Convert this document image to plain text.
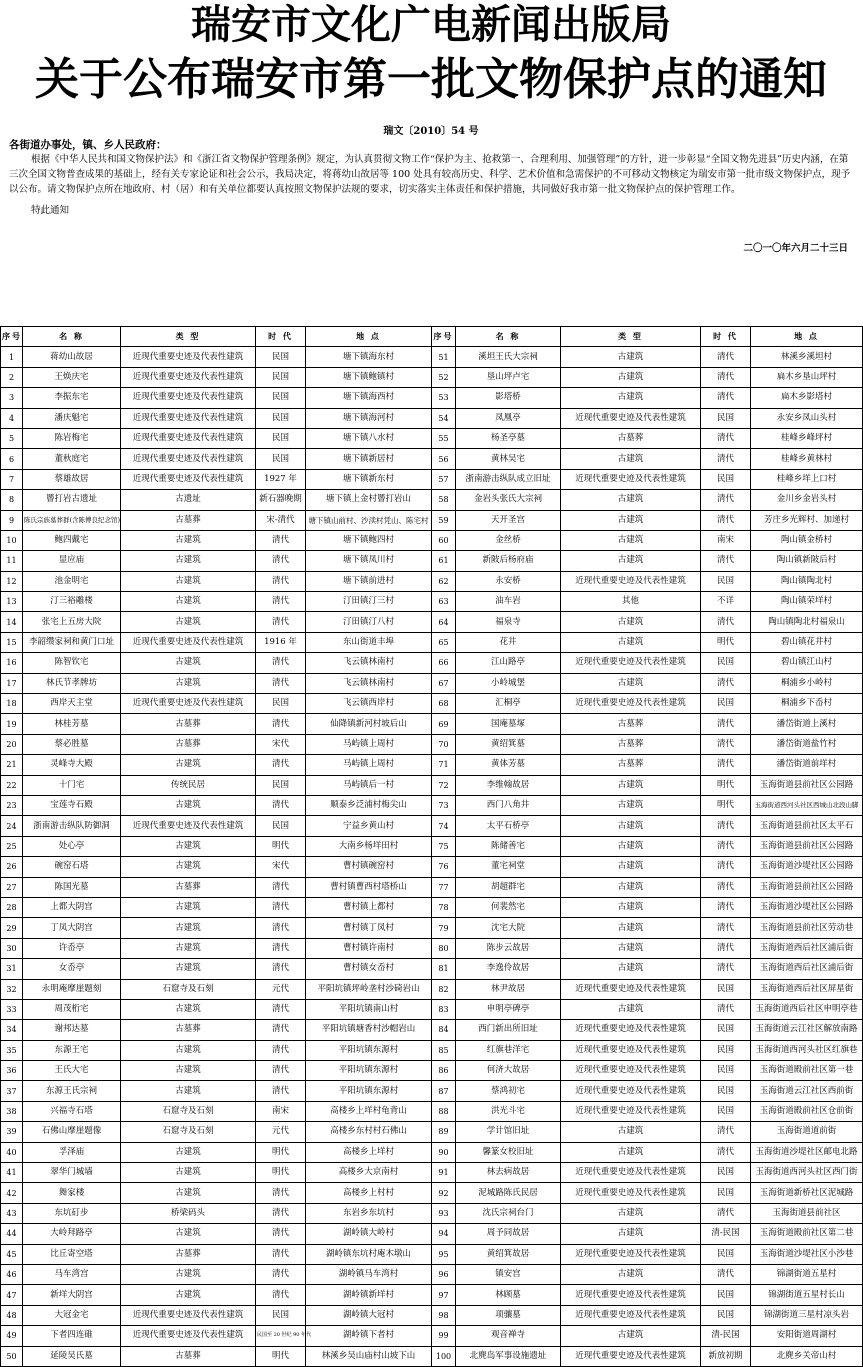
瑞安市文化广电新闻出版局
关于公布瑞安市第一批文物保护点的通知
瑞文〔2010〕54 号
各街道办事处，镇、乡人民政府：
根据《中华人民共和国文物保护法》和《浙江省文物保护管理条例》规定，为认真贯彻文物工作“保护为主、抢救第一、合理利用、加强管理”的方针，进一步彰显“全国文物先进县”历史内涵，在第三次全国文物普查成果的基础上，经有关专家论证和社会公示，我局决定，将蒋幼山故居等 100 处具有较高历史、科学、艺术价值和急需保护的不可移动文物核定为瑞安市第一批市级文物保护点，现予以公布。请文物保护点所在地政府、村（居）和有关单位都要认真按照文物保护法规的要求，切实落实主体责任和保护措施，共同做好我市第一批文物保护点的保护管理工作。
特此通知
二〇一〇年六月二十三日
序号	名 称	类 型	时 代	地 点	序号	名 称	类 型	时 代	地 点
1	蒋幼山故居	近现代重要史迹及代表性建筑	民国	塘下镇海东村	51	溪坦王氏大宗祠	古建筑	清代	林溪乡溪坦村
2	王焕庆宅	近现代重要史迹及代表性建筑	民国	塘下镇鲍镇村	52	垦山坪卢宅	古建筑	清代	扁木乡垦山坪村
3	李振东宅	近现代重要史迹及代表性建筑	民国	塘下镇海西村	53	影塔桥	古建筑	清代	扁木乡影塔村
4	潘庆魁宅	近现代重要史迹及代表性建筑	民国	塘下镇海河村	54	凤凰亭	近现代重要史迹及代表性建筑	民国	永安乡凤山头村
5	陈岩梅宅	近现代重要史迹及代表性建筑	民国	塘下镇八水村	55	杨圣亭墓	古墓葬	清代	桂峰乡峰坪村
6	董秋庭宅	近现代重要史迹及代表性建筑	民国	塘下镇新居村	56	黄林吴宅	古建筑	清代	桂峰乡黄林村
7	蔡雄故居	近现代重要史迹及代表性建筑	1927 年	塘下镇新东村	57	浙南游击纵队成立旧址	近现代重要史迹及代表性建筑	民国	桂峰乡垟上口村
8	罾打岩古遗址	古遗址	新石器晚期	塘下镇上金村罾打岩山	58	金岩头张氏大宗祠	古建筑	清代	金川乡金岩头村
9	陈氏宗族墓葬群(含陈傅良纪念馆)	古墓葬	宋-清代	塘下镇山前村、沙渎村凭山、陈宅村	59	天开圣宫	古建筑	清代	芳庄乡光辉村、加递村
10	鲍四戴宅	古建筑	清代	塘下镇鲍四村	60	金丝桥	古建筑	南宋	陶山镇金桥村
11	显应庙	古建筑	清代	塘下镇凤川村	61	新陂后杨府庙	古建筑	清代	陶山镇新陂后村
12	池金明宅	古建筑	清代	塘下镇前进村	62	永安桥	近现代重要史迹及代表性建筑	民国	陶山镇陶北村
13	汀三裕雕楼	古建筑	清代	汀田镇汀三村	63	油车岩	其他	不详	陶山镇荣垟村
14	张宅上五房大院	古建筑	清代	汀田镇汀八村	64	福泉寺	古建筑	清代	陶山镇陶北村福泉山
15	李韶缵家祠和黄门口址	近现代重要史迹及代表性建筑	1916 年	东山街道丰埠	65	花井	古建筑	明代	碧山镇花井村
16	陈智钦宅	古建筑	清代	飞云镇林南村	66	江山路亭	近现代重要史迹及代表性建筑	民国	碧山镇江山村
17	林氏节孝牌坊	古建筑	清代	飞云镇林南村	67	小岭城堡	古建筑	清代	桐浦乡小岭村
18	西岸天主堂	近现代重要史迹及代表性建筑	民国	飞云镇西岸村	68	汇桐亭	近现代重要史迹及代表性建筑	民国	桐浦乡下岙村
19	林桂芳墓	古墓葬	清代	仙降镇新河村坡后山	69	国庵墓塚	古墓葬	清代	潘岱街道上溪村
20	蔡必胜墓	古墓葬	宋代	马屿镇上周村	70	黄绍箕墓	古墓葬	清代	潘岱街道盐竹村
21	灵峰寺大殿	古建筑	清代	马屿镇上周村	71	黄体芳墓	古墓葬	清代	潘岱街道前垟村
22	十门宅	传统民居	民国	马屿镇后一村	72	李维翰故居	古建筑	明代	玉海街道县前社区公园路
23	宝莲寺石殿	古建筑	清代	顺泰乡泛浦村梅尖山	73	西门八角井	古建筑	明代	玉海街道西河头社区西城山北段山脚
24	浙南游击纵队防御洞	近现代重要史迹及代表性建筑	民国	宁益乡黄山村	74	太平石桥亭	古建筑	清代	玉海街道县前社区太平石
25	处心亭	古建筑	明代	大南乡杨垟田村	75	陈储善宅	古建筑	清代	玉海街道县前社区公园路
26	碗窑石塔	古建筑	宋代	曹村镇碗窑村	76	董宅祠堂	古建筑	清代	玉海街道沙堤社区公园路
27	陈国光墓	古墓葬	清代	曹村镇曹西村塔桥山	77	胡超群宅	古建筑	清代	玉海街道县前社区公园路
28	上都大阴宫	古建筑	清代	曹村镇上都村	78	何裴然宅	古建筑	清代	玉海街道沙堤社区公园路
29	丁凤大阴宫	古建筑	清代	曹村镇丁凤村	79	沈宅大院	古建筑	清代	玉海街道县前社区劳动巷
30	许岙亭	古建筑	清代	曹村镇许南村	80	陈步云故居	古建筑	清代	玉海街道西后社区浦后街
31	女岙亭	古建筑	清代	曹村镇女岙村	81	李逸伶故居	古建筑	清代	玉海街道西后社区浦后街
32	永明庵摩崖题刻	石窟寺及石刻	元代	平阳坑镇坪岭垄村沙碕岩山	82	林尹故居	近现代重要史迹及代表性建筑	民国	玉海街道西后社区屏星街
33	周茂桁宅	古建筑	清代	平阳坑镇南山村	83	申明亭碑亭	古建筑	清代	玉海街道西后社区申明亭巷
34	谢邦达墓	古墓葬	清代	平阳坑镇塘香村沙帽岩山	84	西门新出所旧址	近现代重要史迹及代表性建筑	民国	玉海街道云江社区解放南路
35	东源王宅	古建筑	清代	平阳坑镇东源村	85	红旗巷洋宅	近现代重要史迹及代表性建筑	民国	玉海街道西河头社区红旗巷
36	王氏大宅	古建筑	清代	平阳坑镇东源村	86	何济大故居	近现代重要史迹及代表性建筑	民国	玉海街道殿前社区第一巷
37	东源王氏宗祠	古建筑	清代	平阳坑镇东源村	87	蔡鸿初宅	近现代重要史迹及代表性建筑	民国	玉海街道云江社区西前街
38	兴福寺石塔	石窟寺及石刻	南宋	高楼乡上垟村龟背山	88	洪光斗宅	近现代重要史迹及代表性建筑	民国	玉海街道殿前社区仓前街
39	石佛山摩崖题像	石窟寺及石刻	元代	高楼乡东村村石佛山	89	学计馆旧址	古建筑	清代	玉海街道道前街
40	孚泽庙	古建筑	明代	高楼乡上垟村	90	馨篆女校旧址	古建筑	清代	玉海街道沙堤社区邮电北路
41	翠华门城墙	古建筑	明代	高楼乡大京南村	91	林去病故居	近现代重要史迹及代表性建筑	民国	玉海街道西河头社区西门街
42	舞家楼	古建筑	清代	高楼乡上村村	92	泥城路陈氏民居	近现代重要史迹及代表性建筑	民国	玉海街道新桥社区泥城路
43	东坑矴步	桥梁码头	清代	东岩乡东坑村	93	沈氏宗祠台门	古建筑	清代	玉海街道县前社区
44	大岭拜路亭	古建筑	清代	湖岭镇大岭村	94	周予同故居	古建筑	清-民国	玉海街道殿前社区第二巷
45	比丘寄空塔	古墓葬	清代	湖岭镇东坑村庵木墩山	95	黄绍箕故居	近现代重要史迹及代表性建筑	民国	玉海街道沙堤社区小沙巷
46	马车湾宫	古建筑	清代	湖岭镇马车湾村	96	镇安宫	古建筑	清代	锦湖街道五星村
47	新垟大阴宫	古建筑	清代	湖岭镇新垟村	97	林顾墓	近现代重要史迹及代表性建筑	民国	锦湖街道五星村长山
48	大冠金宅	近现代重要史迹及代表性建筑	民国	湖岭镇大冠村	98	项骧墓	近现代重要史迹及代表性建筑	民国	锦湖街道三星村凉头岩
49	下者四连碓	近现代重要史迹及代表性建筑	民国至 20 世纪 90 年代	湖岭镇下者村	99	观音禅寺	古建筑	清-民国	安阳街道周湖村
50	延陵吴氏墓	古墓葬	明代	林溪乡吴山庙村山坡下山	100	北麂岛军事设施遗址	近现代重要史迹及代表性建筑	新放初期	北麂乡关帝山村
